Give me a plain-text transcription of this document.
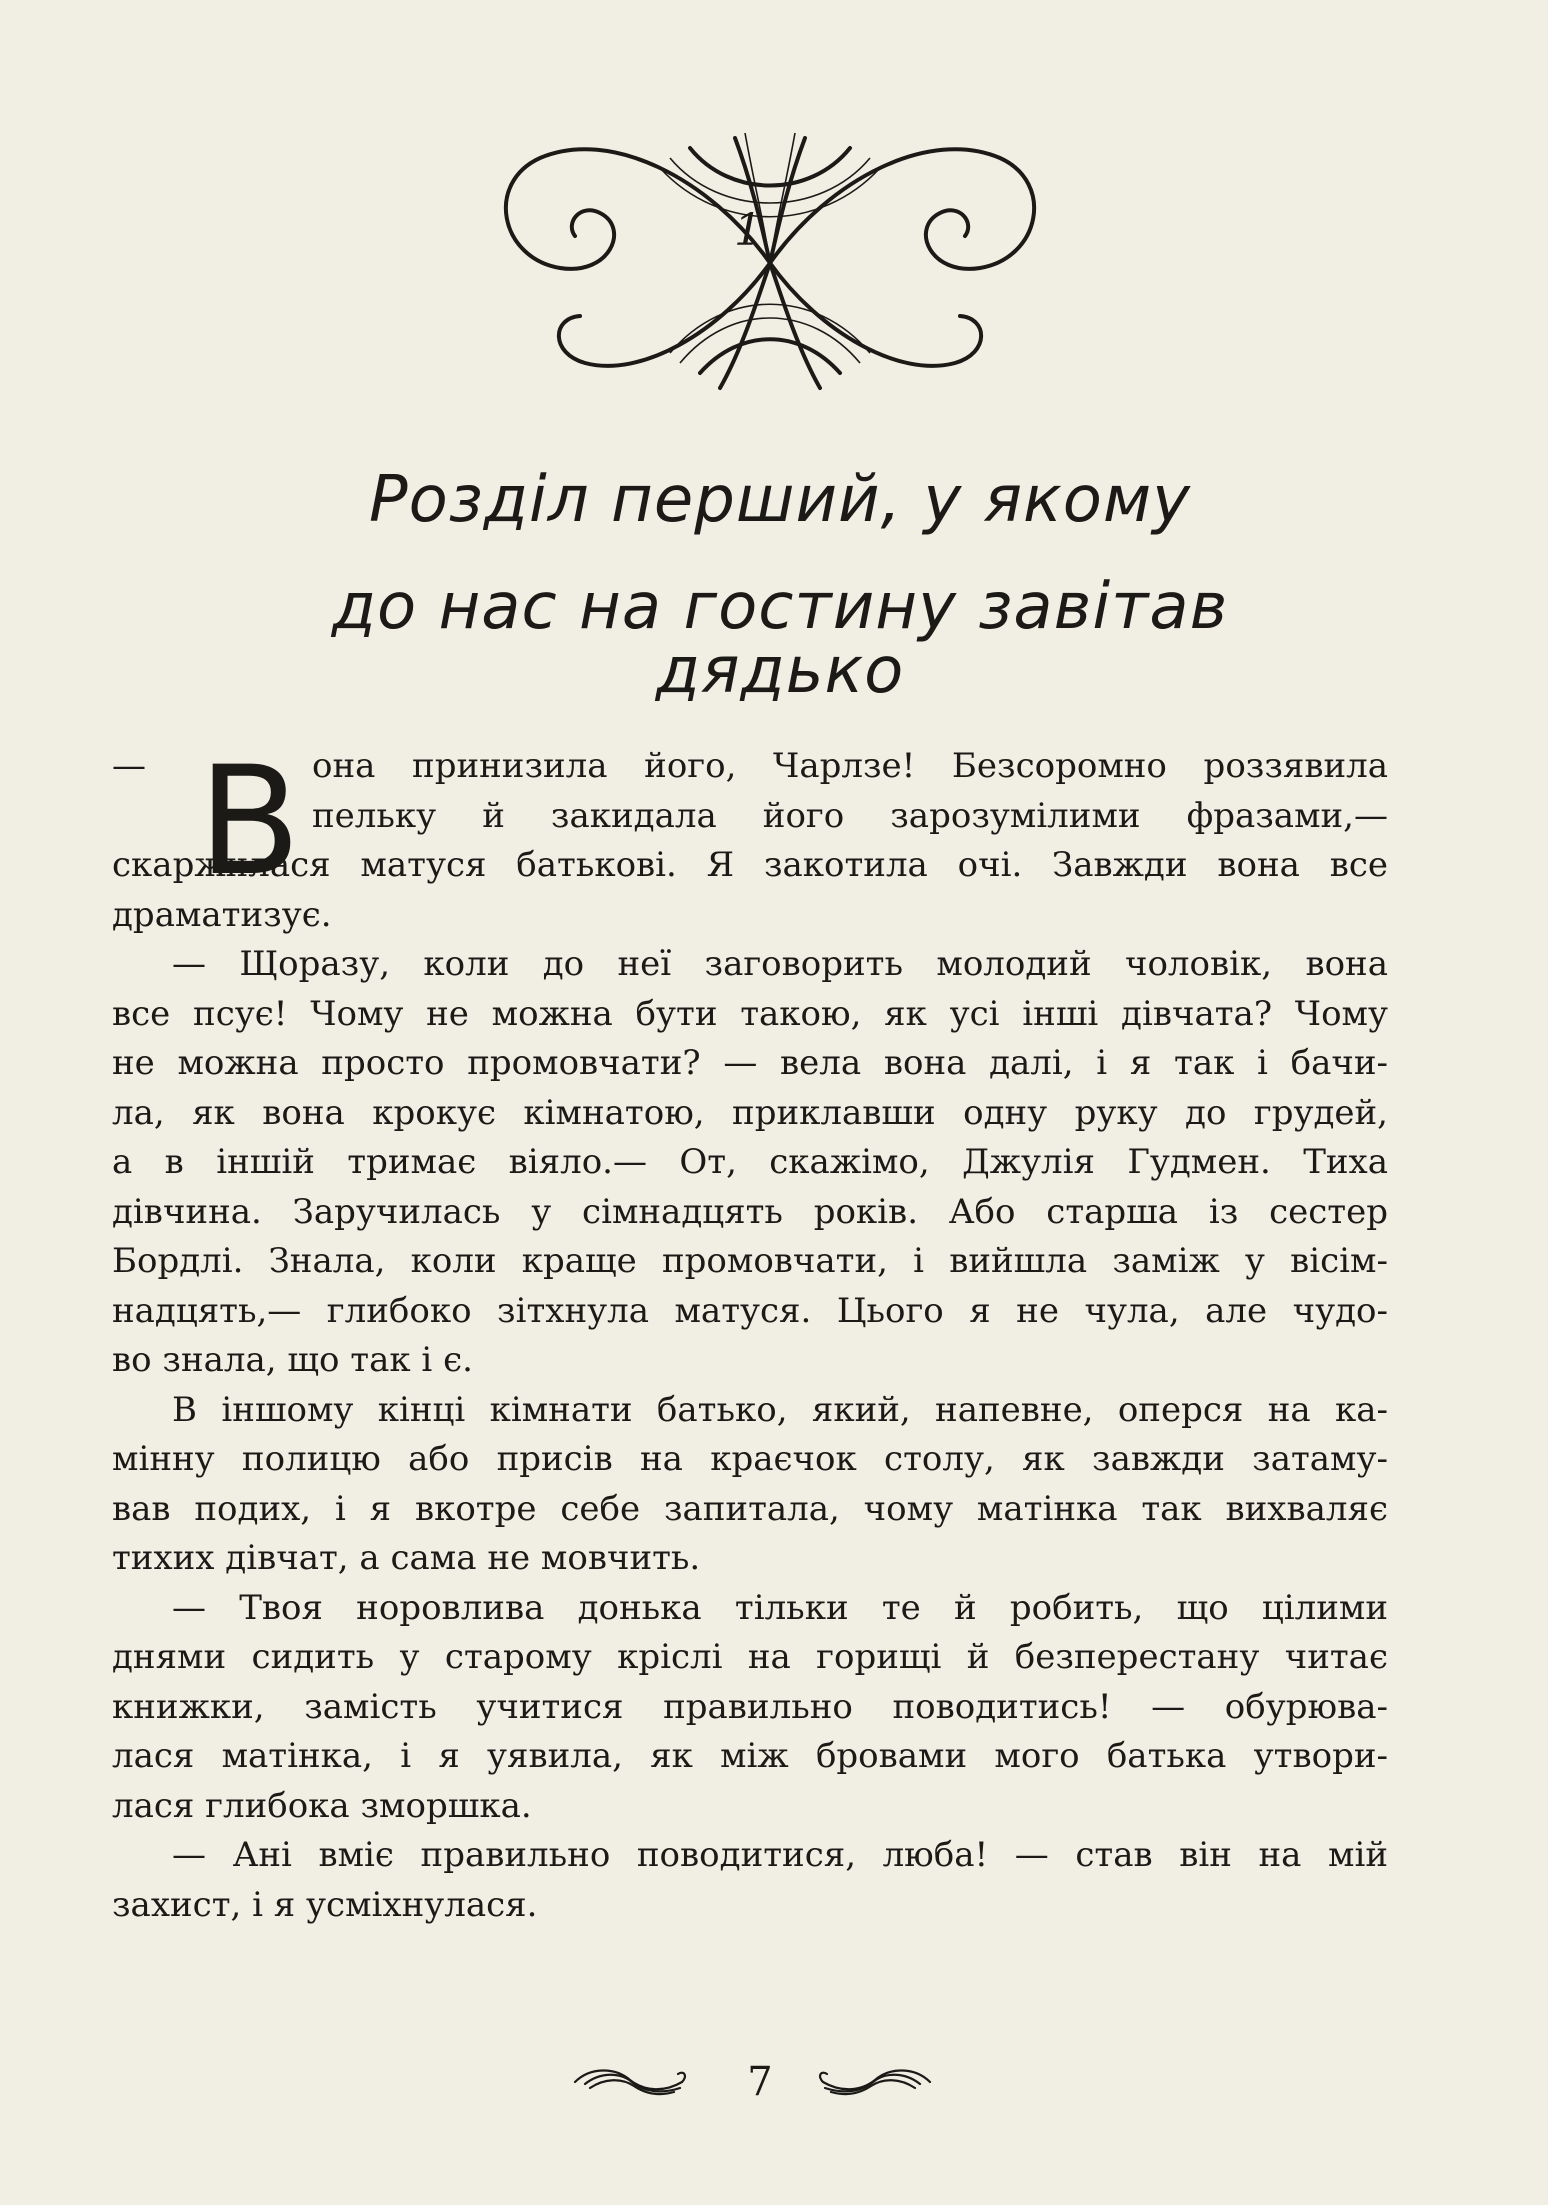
1
Розділ перший, у якому
до нас на гостину завітав дядько
В
—	она принизила його, Чарлзе! Безсоромно роззявила
пельку й закидала його зарозумілими фразами,—
скаржилася матуся батькові. Я закотила очі. Завжди вона все
драматизує.
— Щоразу, коли до неї заговорить молодий чоловік, вона
все псує! Чому не можна бути такою, як усі інші дівчата? Чому
не можна просто промовчати? — вела вона далі, і я так і бачи-
ла, як вона крокує кімнатою, приклавши одну руку до грудей,
а в іншій тримає віяло.— От, скажімо, Джулія Гудмен. Тиха
дівчина. Заручилась у сімнадцять років. Або старша із сестер
Бордлі. Знала, коли краще промовчати, і вийшла заміж у вісім-
надцять,— глибоко зітхнула матуся. Цього я не чула, але чудо-
во знала, що так і є.
В іншому кінці кімнати батько, який, напевне, оперся на ка-
мінну полицю або присів на краєчок столу, як завжди затаму-
вав подих, і я вкотре себе запитала, чому матінка так вихваляє
тихих дівчат, а сама не мовчить.
— Твоя норовлива донька тільки те й робить, що цілими
днями сидить у старому кріслі на горищі й безперестану читає
книжки, замість учитися правильно поводитись! — обурюва-
лася матінка, і я уявила, як між бровами мого батька утвори-
лася глибока зморшка.
— Ані вміє правильно поводитися, люба! — став він на мій
захист, і я усміхнулася.
7
